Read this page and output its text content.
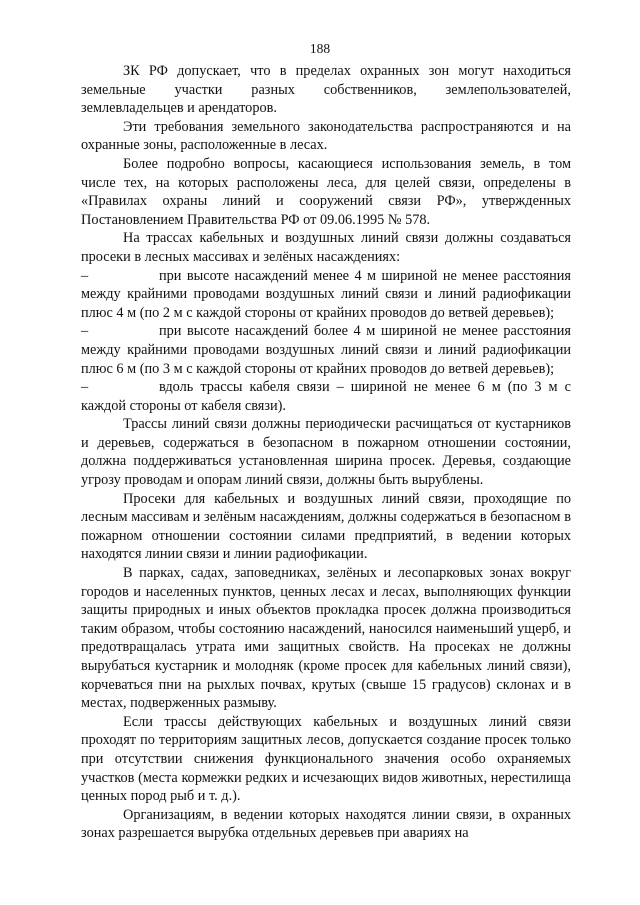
188

ЗК РФ допускает, что в пределах охранных зон могут находиться земельные участки разных собственников, землепользователей, землевладельцев и арендаторов.

Эти требования земельного законодательства распространяются и на охранные зоны, расположенные в лесах.

Более подробно вопросы, касающиеся использования земель, в том числе тех, на которых расположены леса, для целей связи, определены в «Правилах охраны линий и сооружений связи РФ», утвержденных Постановлением Правительства РФ от 09.06.1995 № 578.

На трассах кабельных и воздушных линий связи должны создаваться просеки в лесных массивах и зелёных насаждениях:

–	при высоте насаждений менее 4 м шириной не менее расстояния между крайними проводами воздушных линий связи и линий радиофикации плюс 4 м (по 2 м с каждой стороны от крайних проводов до ветвей деревьев);

–	при высоте насаждений более 4 м шириной не менее расстояния между крайними проводами воздушных линий связи и линий радиофикации плюс 6 м (по 3 м с каждой стороны от крайних проводов до ветвей деревьев);

–	вдоль трассы кабеля связи – шириной не менее 6 м (по 3 м с каждой стороны от кабеля связи).

Трассы линий связи должны периодически расчищаться от кустарников и деревьев, содержаться в безопасном в пожарном отношении состоянии, должна поддерживаться установленная ширина просек. Деревья, создающие угрозу проводам и опорам линий связи, должны быть вырублены.

Просеки для кабельных и воздушных линий связи, проходящие по лесным массивам и зелёным насаждениям, должны содержаться в безопасном в пожарном отношении состоянии силами предприятий, в ведении которых находятся линии связи и линии радиофикации.

В парках, садах, заповедниках, зелёных и лесопарковых зонах вокруг городов и населенных пунктов, ценных лесах и лесах, выполняющих функции защиты природных и иных объектов прокладка просек должна производиться таким образом, чтобы состоянию насаждений, наносился наименьший ущерб, и предотвращалась утрата ими защитных свойств. На просеках не должны вырубаться кустарник и молодняк (кроме просек для кабельных линий связи), корчеваться пни на рыхлых почвах, крутых (свыше 15 градусов) склонах и в местах, подверженных размыву.

Если трассы действующих кабельных и воздушных линий связи проходят по территориям защитных лесов, допускается создание просек только при отсутствии снижения функционального значения особо охраняемых участков (места кормежки редких и исчезающих видов животных, нерестилища ценных пород рыб и т. д.).

Организациям, в ведении которых находятся линии связи, в охранных зонах разрешается вырубка отдельных деревьев при авариях на
